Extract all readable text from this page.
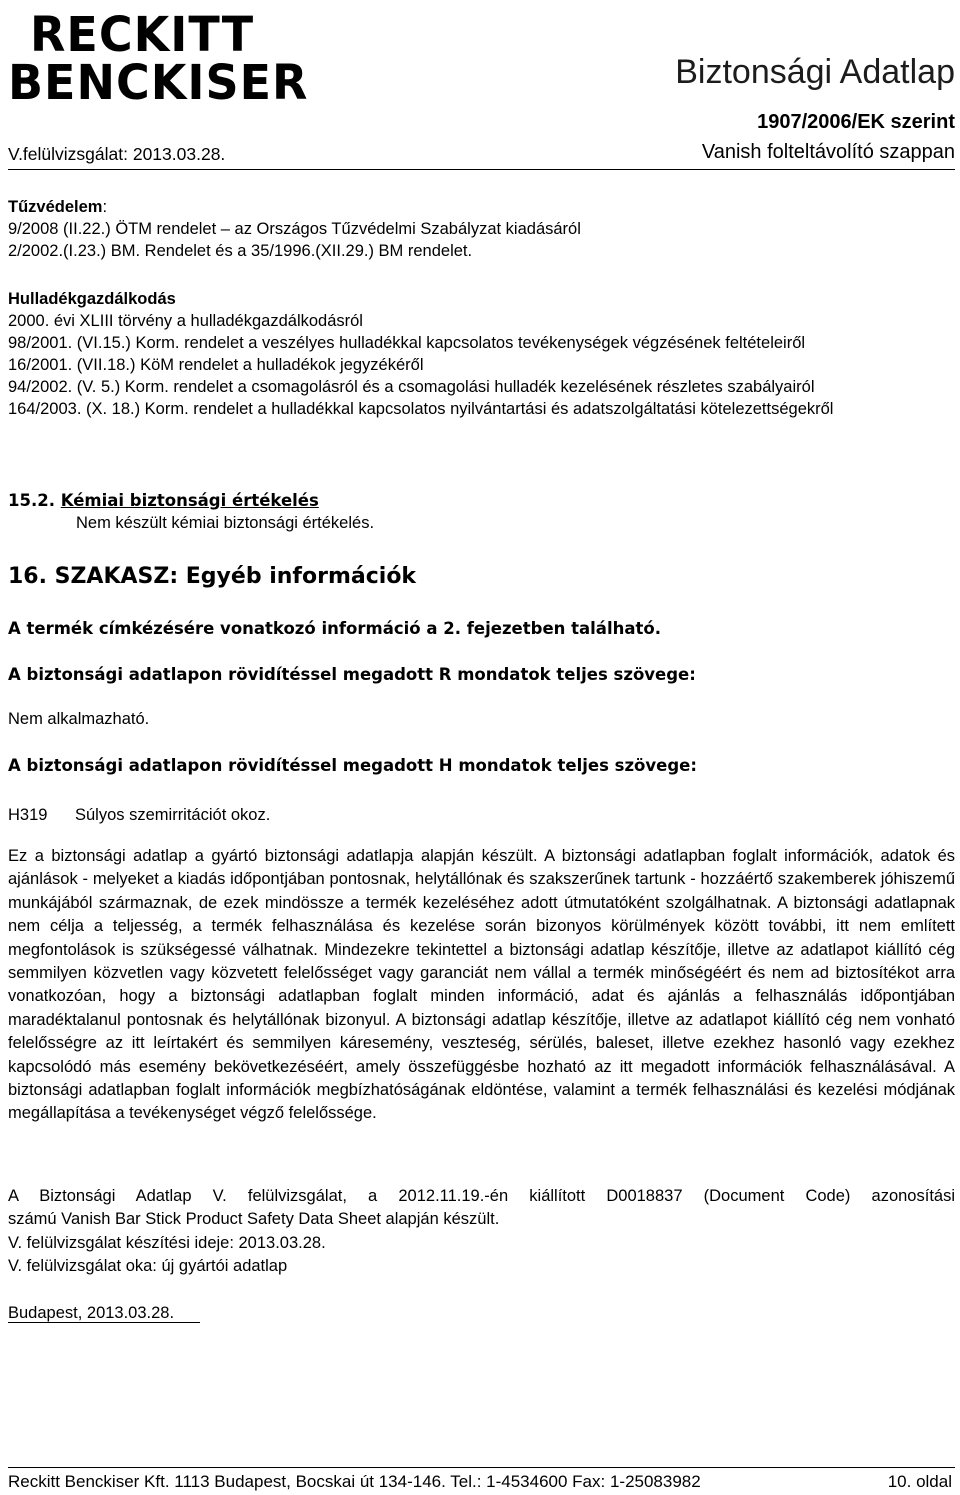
RECKITT
BENCKISER	Biztonsági Adatlap
1907/2006/EK szerint
V.felülvizsgálat: 2013.03.28.	Vanish folteltávolító szappan

Tűzvédelem:

9/2008 (II.22.) ÖTM rendelet – az Országos Tűzvédelmi Szabályzat kiadásáról

2/2002.(I.23.) BM. Rendelet és a 35/1996.(XII.29.) BM rendelet.

Hulladékgazdálkodás

2000. évi XLIII törvény a hulladékgazdálkodásról

98/2001. (VI.15.) Korm. rendelet a veszélyes hulladékkal kapcsolatos tevékenységek végzésének feltételeiről

16/2001. (VII.18.) KöM rendelet a hulladékok jegyzékéről

94/2002. (V. 5.) Korm. rendelet a csomagolásról és a csomagolási hulladék kezelésének részletes szabályairól

164/2003. (X. 18.) Korm. rendelet a hulladékkal kapcsolatos nyilvántartási és adatszolgáltatási kötelezettségekről

15.2. Kémiai biztonsági értékelés

Nem készült kémiai biztonsági értékelés.

16. SZAKASZ: Egyéb információk
A termék címkézésére vonatkozó információ a 2. fejezetben található.
A biztonsági adatlapon rövidítéssel megadott R mondatok teljes szövege:
Nem alkalmazható.
A biztonsági adatlapon rövidítéssel megadott H mondatok teljes szövege:
H319 Súlyos szemirritációt okoz.
Ez a biztonsági adatlap a gyártó biztonsági adatlapja alapján készült. A biztonsági adatlapban foglalt információk, adatok és ajánlások - melyeket a kiadás időpontjában pontosnak, helytállónak és szakszerűnek tartunk - hozzáértő szakemberek jóhiszemű munkájából származnak, de ezek mindössze a termék kezeléséhez adott útmutatóként szolgálhatnak. A biztonsági adatlapnak nem célja a teljesség, a termék felhasználása és kezelése során bizonyos körülmények között további, itt nem említett megfontolások is szükségessé válhatnak. Mindezekre tekintettel a biztonsági adatlap készítője, illetve az adatlapot kiállító cég semmilyen közvetlen vagy közvetett felelősséget vagy garanciát nem vállal a termék minőségéért és nem ad biztosítékot arra vonatkozóan, hogy a biztonsági adatlapban foglalt minden információ, adat és ajánlás a felhasználás időpontjában maradéktalanul pontosnak és helytállónak bizonyul. A biztonsági adatlap készítője, illetve az adatlapot kiállító cég nem vonható felelősségre az itt leírtakért és semmilyen káresemény, veszteség, sérülés, baleset, illetve ezekhez hasonló vagy ezekhez kapcsolódó más esemény bekövetkezéséért, amely összefüggésbe hozható az itt megadott információk felhasználásával. A biztonsági adatlapban foglalt információk megbízhatóságának eldöntése, valamint a termék felhasználási és kezelési módjának megállapítása a tevékenységet végző felelőssége.

A Biztonsági Adatlap V. felülvizsgálat, a 2012.11.19.-én kiállított D0018837 (Document Code) azonosítási

számú Vanish Bar Stick Product Safety Data Sheet alapján készült.

V. felülvizsgálat készítési ideje: 2013.03.28.

V. felülvizsgálat oka: új gyártói adatlap

Budapest, 2013.03.28.
Reckitt Benckiser Kft. 1113 Budapest, Bocskai út 134-146. Tel.: 1-4534600 Fax: 1-25083982	10. oldal
